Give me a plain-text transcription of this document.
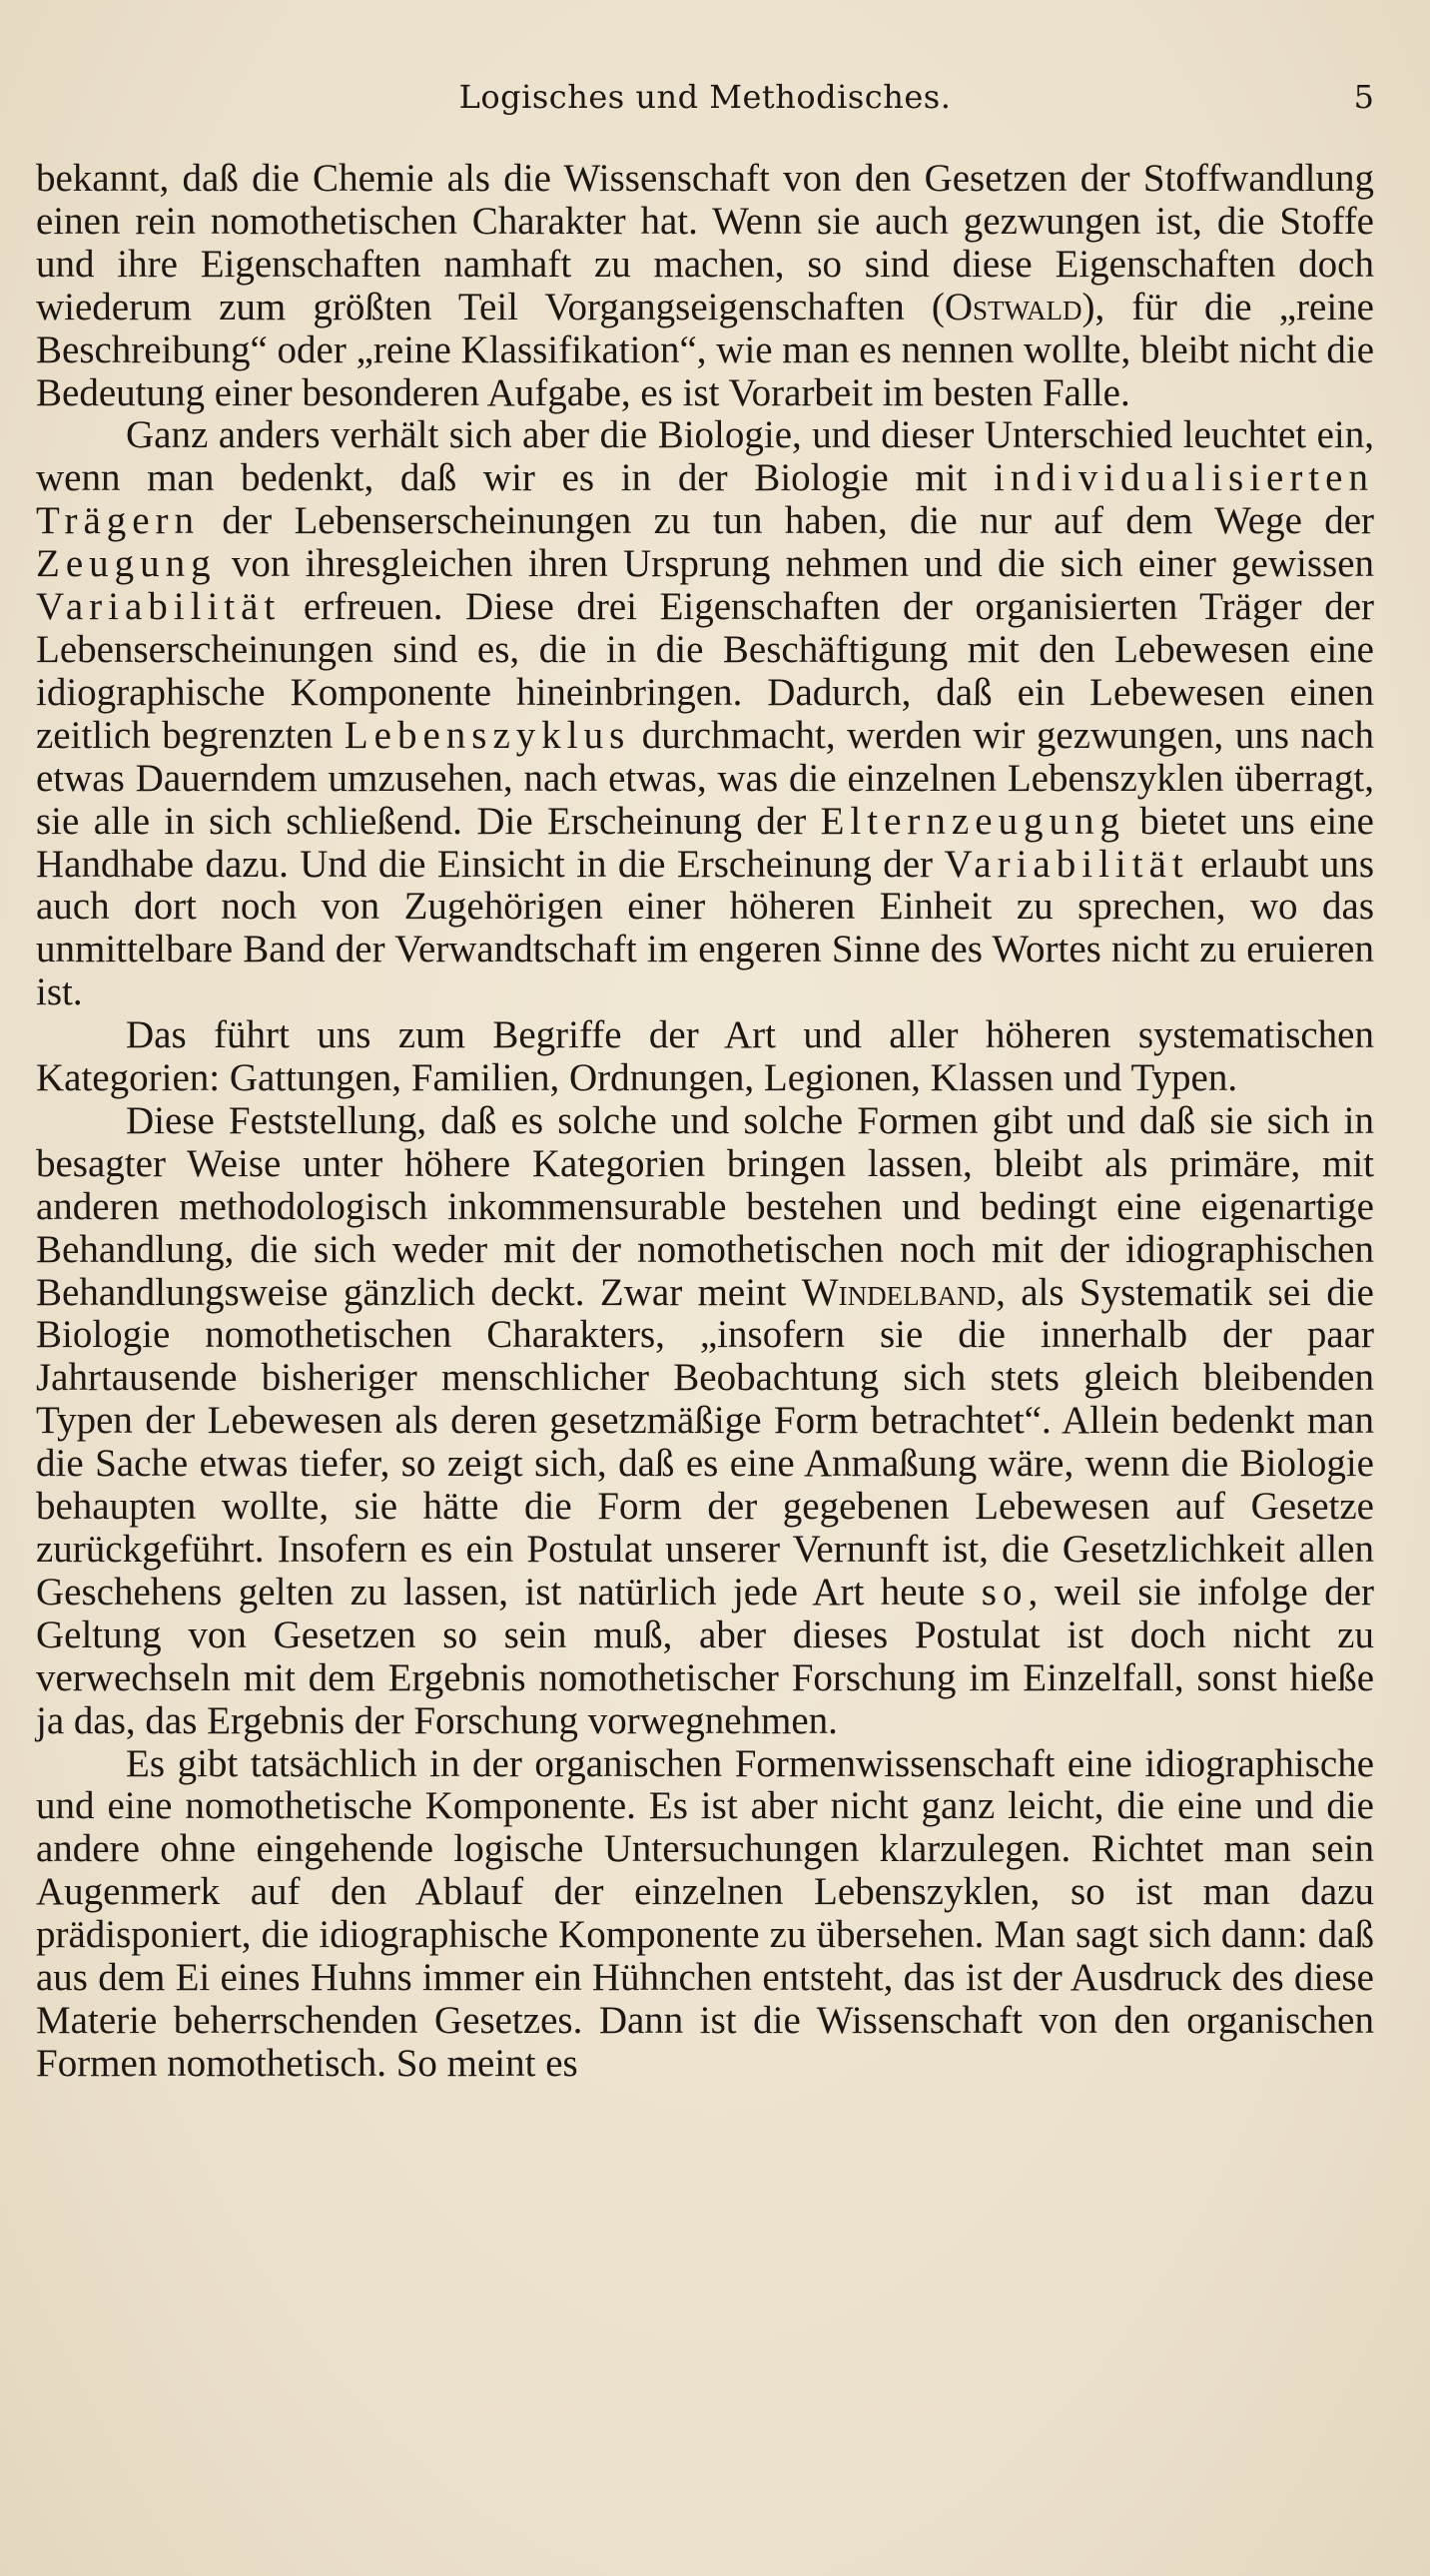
Logisches und Methodisches.	5

bekannt, daß die Chemie als die Wissenschaft von den Gesetzen der Stoffwandlung einen rein nomothetischen Charakter hat. Wenn sie auch gezwungen ist, die Stoffe und ihre Eigenschaften namhaft zu machen, so sind diese Eigenschaften doch wiederum zum größten Teil Vorgangseigenschaften (Ostwald), für die „reine Beschreibung“ oder „reine Klassifikation“, wie man es nennen wollte, bleibt nicht die Bedeutung einer besonderen Aufgabe, es ist Vorarbeit im besten Falle.

Ganz anders verhält sich aber die Biologie, und dieser Unterschied leuchtet ein, wenn man bedenkt, daß wir es in der Biologie mit individualisierten Trägern der Lebenserscheinungen zu tun haben, die nur auf dem Wege der Zeugung von ihresgleichen ihren Ursprung nehmen und die sich einer gewissen Variabilität erfreuen. Diese drei Eigenschaften der organisierten Träger der Lebenserscheinungen sind es, die in die Beschäftigung mit den Lebewesen eine idiographische Komponente hineinbringen. Dadurch, daß ein Lebewesen einen zeitlich begrenzten Lebenszyklus durchmacht, werden wir gezwungen, uns nach etwas Dauerndem umzusehen, nach etwas, was die einzelnen Lebenszyklen überragt, sie alle in sich schließend. Die Erscheinung der Elternzeugung bietet uns eine Handhabe dazu. Und die Einsicht in die Erscheinung der Variabilität erlaubt uns auch dort noch von Zugehörigen einer höheren Einheit zu sprechen, wo das unmittelbare Band der Verwandtschaft im engeren Sinne des Wortes nicht zu eruieren ist.

Das führt uns zum Begriffe der Art und aller höheren systematischen Kategorien: Gattungen, Familien, Ordnungen, Legionen, Klassen und Typen.

Diese Feststellung, daß es solche und solche Formen gibt und daß sie sich in besagter Weise unter höhere Kategorien bringen lassen, bleibt als primäre, mit anderen methodologisch inkommensurable bestehen und bedingt eine eigenartige Behandlung, die sich weder mit der nomothetischen noch mit der idiographischen Behandlungsweise gänzlich deckt. Zwar meint Windelband, als Systematik sei die Biologie nomothetischen Charakters, „insofern sie die innerhalb der paar Jahrtausende bisheriger menschlicher Beobachtung sich stets gleich bleibenden Typen der Lebewesen als deren gesetzmäßige Form betrachtet“. Allein bedenkt man die Sache etwas tiefer, so zeigt sich, daß es eine Anmaßung wäre, wenn die Biologie behaupten wollte, sie hätte die Form der gegebenen Lebewesen auf Gesetze zurückgeführt. Insofern es ein Postulat unserer Vernunft ist, die Gesetzlichkeit allen Geschehens gelten zu lassen, ist natürlich jede Art heute so, weil sie infolge der Geltung von Gesetzen so sein muß, aber dieses Postulat ist doch nicht zu verwechseln mit dem Ergebnis nomothetischer Forschung im Einzelfall, sonst hieße ja das, das Ergebnis der Forschung vorwegnehmen.

Es gibt tatsächlich in der organischen Formenwissenschaft eine idiographische und eine nomothetische Komponente. Es ist aber nicht ganz leicht, die eine und die andere ohne eingehende logische Untersuchungen klarzulegen. Richtet man sein Augenmerk auf den Ablauf der einzelnen Lebenszyklen, so ist man dazu prädisponiert, die idiographische Komponente zu übersehen. Man sagt sich dann: daß aus dem Ei eines Huhns immer ein Hühnchen entsteht, das ist der Ausdruck des diese Materie beherrschenden Gesetzes. Dann ist die Wissenschaft von den organischen Formen nomothetisch. So meint es
